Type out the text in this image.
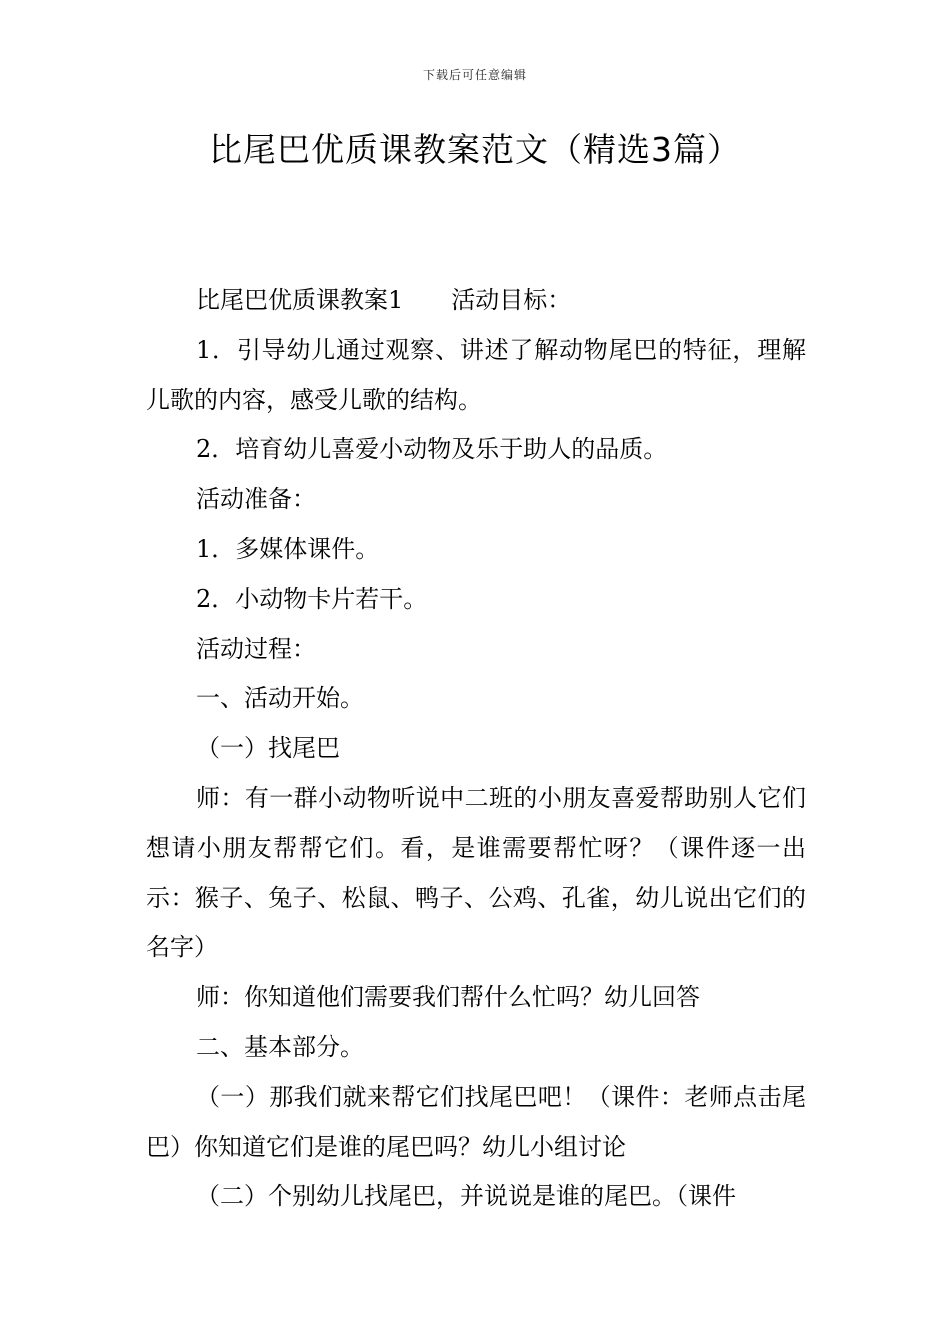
下载后可任意编辑
比尾巴优质课教案范文（精选3篇）

比尾巴优质课教案1　　活动目标：

1．引导幼儿通过观察、讲述了解动物尾巴的特征，理解儿歌的内容，感受儿歌的结构。

2．培育幼儿喜爱小动物及乐于助人的品质。

活动准备：

1．多媒体课件。

2．小动物卡片若干。

活动过程：

一、活动开始。

（一）找尾巴

师：有一群小动物听说中二班的小朋友喜爱帮助别人它们想请小朋友帮帮它们。看，是谁需要帮忙呀？（课件逐一出示：猴子、兔子、松鼠、鸭子、公鸡、孔雀，幼儿说出它们的名字）

师：你知道他们需要我们帮什么忙吗？幼儿回答

二、基本部分。

（一）那我们就来帮它们找尾巴吧！（课件：老师点击尾巴）你知道它们是谁的尾巴吗？幼儿小组讨论

（二）个别幼儿找尾巴，并说说是谁的尾巴。（课件
